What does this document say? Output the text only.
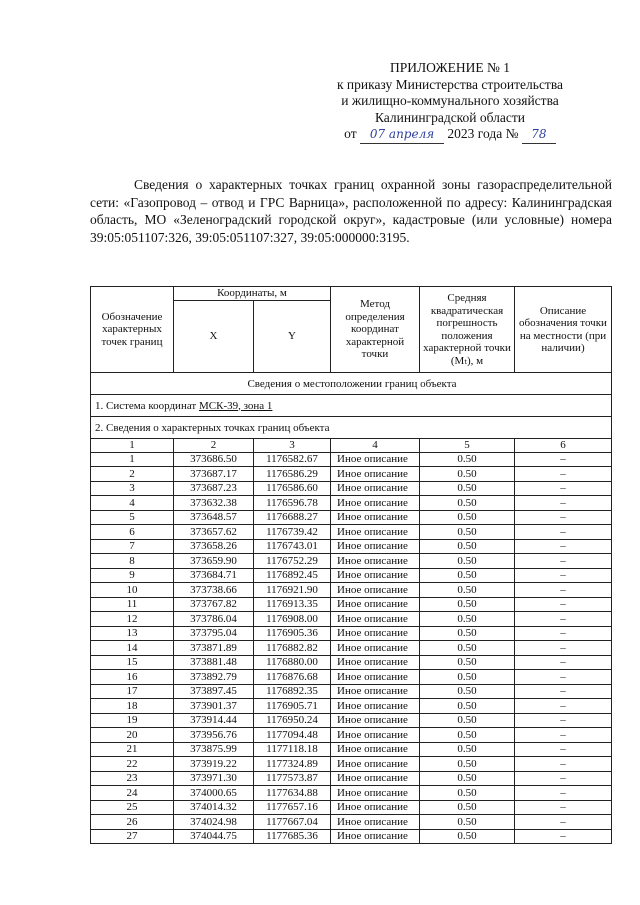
ПРИЛОЖЕНИЕ № 1
к приказу Министерства строительства
и жилищно-коммунального хозяйства
Калининградской области
от 07 апреля 2023 года № 78
Сведения о характерных точках границ охранной зоны газораспределительной сети: «Газопровод – отвод и ГРС Варница», расположенной по адресу: Калининградская область, МО «Зеленоградский городской округ», кадастровые (или условные) номера 39:05:051107:326, 39:05:051107:327, 39:05:000000:3195.
Сведения о местоположении границ объекта					
1. Система координат МСК-39, зона 1					
2. Сведения о характерных точках границ объекта					
Обозначение характерных точек границ	Координаты, м		Метод определения координат характерной точки	Средняя квадратическая погрешность положения характерной точки (Mₜ), м	Описание обозначения точки на местности (при наличии)
	X	Y			
1	2	3	4	5	6
1	373686.50	1176582.67	Иное описание	0.50	–
2	373687.17	1176586.29	Иное описание	0.50	–
3	373687.23	1176586.60	Иное описание	0.50	–
4	373632.38	1176596.78	Иное описание	0.50	–
5	373648.57	1176688.27	Иное описание	0.50	–
6	373657.62	1176739.42	Иное описание	0.50	–
7	373658.26	1176743.01	Иное описание	0.50	–
8	373659.90	1176752.29	Иное описание	0.50	–
9	373684.71	1176892.45	Иное описание	0.50	–
10	373738.66	1176921.90	Иное описание	0.50	–
11	373767.82	1176913.35	Иное описание	0.50	–
12	373786.04	1176908.00	Иное описание	0.50	–
13	373795.04	1176905.36	Иное описание	0.50	–
14	373871.89	1176882.82	Иное описание	0.50	–
15	373881.48	1176880.00	Иное описание	0.50	–
16	373892.79	1176876.68	Иное описание	0.50	–
17	373897.45	1176892.35	Иное описание	0.50	–
18	373901.37	1176905.71	Иное описание	0.50	–
19	373914.44	1176950.24	Иное описание	0.50	–
20	373956.76	1177094.48	Иное описание	0.50	–
21	373875.99	1177118.18	Иное описание	0.50	–
22	373919.22	1177324.89	Иное описание	0.50	–
23	373971.30	1177573.87	Иное описание	0.50	–
24	374000.65	1177634.88	Иное описание	0.50	–
25	374014.32	1177657.16	Иное описание	0.50	–
26	374024.98	1177667.04	Иное описание	0.50	–
27	374044.75	1177685.36	Иное описание	0.50	–
